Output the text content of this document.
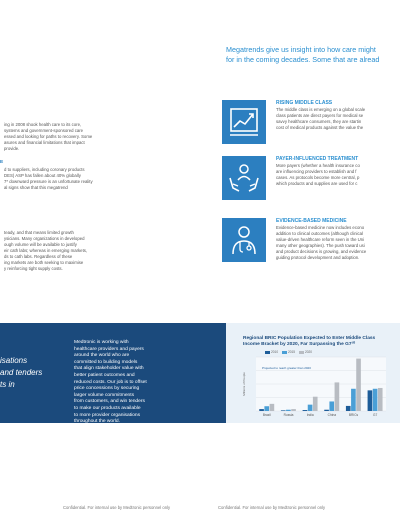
ing in 2008 shook health care to its core,
systems and government-sponsored care
essed and looking for paths to recovery. Some
asures and financial limitations that impact
provide.
E
d to suppliers, including coronary products
DES) ASP has fallen about 40% globally
7* downward pressure is an unfortunate reality
al signs show that this megatrend
teady, and that means limited growth
ysicians. Many organizations in developed
ough volume will be available to justify
eir cath labs; whereas in emerging markets,
ds to cath labs. Regardless of these
ing markets are both seeking to maximise
y reinforcing tight supply costs.
Megatrends give us insight into how care might
for in the coming decades. Some that are alread
RISING MIDDLE CLASS
The middle class is emerging on a global scale
class patients are direct payers for medical se
savvy healthcare consumers, they are startin
cost of medical products against the value the
PAYER-INFLUENCED TREATMENT
More payers (whether a health insurance co
are influencing providers to establish and f
cases. As protocols become more central, p
which products and supplies are used for c
EVIDENCE-BASED MEDICINE
Evidence-based medicine now includes econo
addition to clinical outcomes (although clinical
value-driven healthcare reform seen in the Uni
many other geographies). The push toward usi
and product decisions is growing, and evidence
guiding protocol development and adoption.
isations
and tenders
ts in
Medtronic is working with
healthcare providers and payers
around the world who are
committed to building models
that align stakeholder value with
better patient outcomes and
reduced costs. Our job is to offset
price concessions by securing
larger volume commitments
from customers, and win tenders
to make our products available
to more provider organisations
throughout the world.
Regional BRIC Population Expected to Enter Middle Class
Income Bracket by 2020, Far Surpassing the G7¹⁰
2010	2015	2020
Millions of People
Brazil	Russia	India	China	BRICs	G7
Projected to reach greater than 2020
Confidential. For internal use by Medtronic personnel only	Confidential. For internal use by Medtronic personnel only
